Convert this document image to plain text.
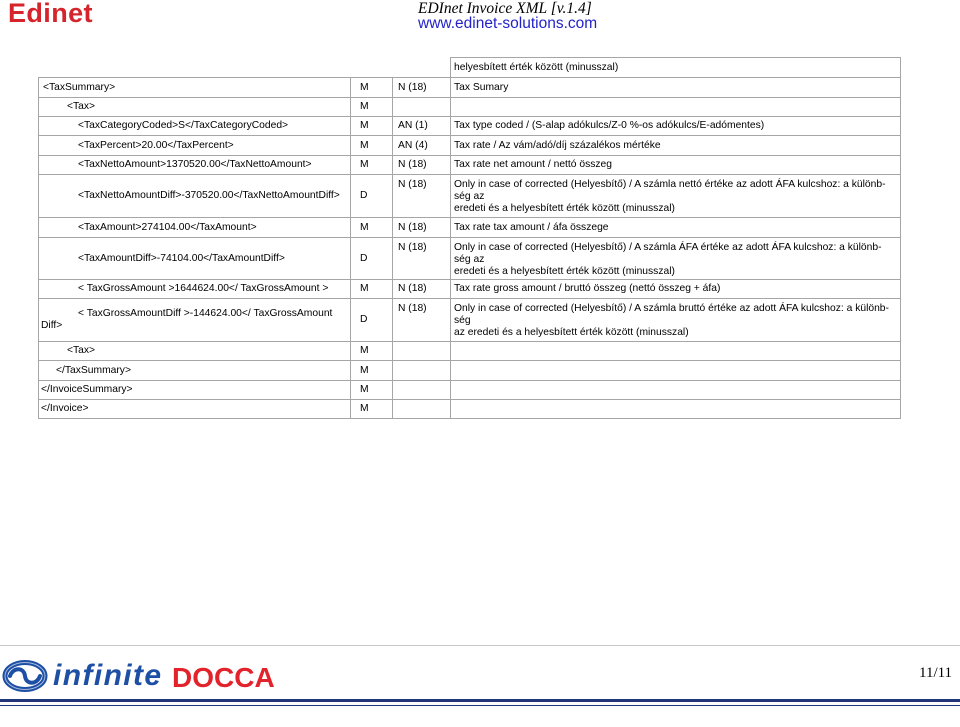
Edinet	EDInet Invoice XML [v.1.4]
www.edinet-solutions.com
			helyesbített érték között (minusszal)
<TaxSummary>	M	N (18)	Tax Sumary
<Tax>	M		
<TaxCategoryCoded>S</TaxCategoryCoded>	M	AN (1)	Tax type coded / (S-alap adókulcs/Z-0 %-os adókulcs/E-adómentes)
<TaxPercent>20.00</TaxPercent>	M	AN (4)	Tax rate / Az vám/adó/díj százalékos mértéke
<TaxNettoAmount>1370520.00</TaxNettoAmount>	M	N (18)	Tax rate net amount / nettó összeg
<TaxNettoAmountDiff>-370520.00</TaxNettoAmountDiff>	D	N (18)	Only in case of corrected (Helyesbítő) / A számla nettó értéke az adott ÁFA kulcshoz: a különb-
ség az
eredeti és a helyesbített érték között (minusszal)

<TaxAmount>274104.00</TaxAmount>	M	N (18)	Tax rate tax amount / áfa összege
<TaxAmountDiff>-74104.00</TaxAmountDiff>	D	N (18)	Only in case of corrected (Helyesbítő) / A számla ÁFA értéke az adott ÁFA kulcshoz: a különb-
ség az
eredeti és a helyesbített érték között (minusszal)

< TaxGrossAmount >1644624.00</ TaxGrossAmount >	M	N (18)	Tax rate gross amount / bruttó összeg (nettó összeg + áfa)

< TaxGrossAmountDiff >-144624.00</ TaxGrossAmount
Diff>	D	N (18)	Only in case of corrected (Helyesbítő) / A számla bruttó értéke az adott ÁFA kulcshoz: a különb-
ség
az eredeti és a helyesbített érték között (minusszal)

<Tax>	M		
</TaxSummary>	M		
</InvoiceSummary>	M		
</Invoice>	M		
infinite DOCCA	11/11
